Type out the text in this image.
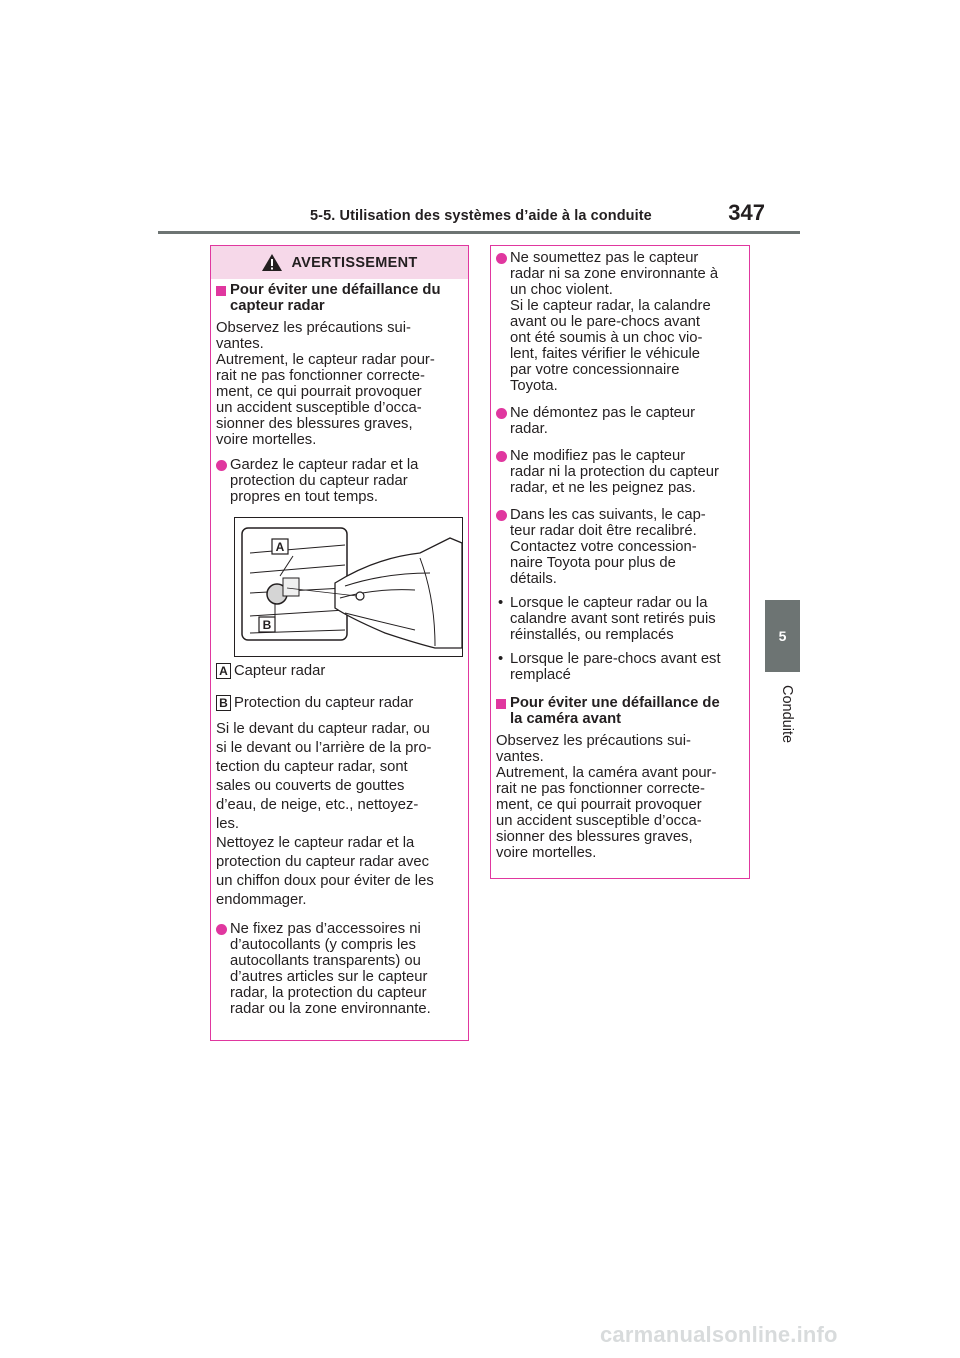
5-5. Utilisation des systèmes d’aide à la conduite	347
5
Conduite
AVERTISSEMENT
Pour éviter une défaillance du capteur radar

Observez les précautions sui-
vantes.
Autrement, le capteur radar pour-
rait ne pas fonctionner correcte-
ment, ce qui pourrait provoquer
un accident susceptible d’occa-
sionner des blessures graves,
voire mortelles.

Gardez le capteur radar et la
protection du capteur radar
propres en tout temps.
A
B
A Capteur radar
B Protection du capteur radar

Si le devant du capteur radar, ou
si le devant ou l’arrière de la pro-
tection du capteur radar, sont
sales ou couverts de gouttes
d’eau, de neige, etc., nettoyez-
les.
Nettoyez le capteur radar et la
protection du capteur radar avec
un chiffon doux pour éviter de les
endommager.

Ne fixez pas d’accessoires ni
d’autocollants (y compris les
autocollants transparents) ou
d’autres articles sur le capteur
radar, la protection du capteur
radar ou la zone environnante.
Ne soumettez pas le capteur
radar ni sa zone environnante à
un choc violent.
Si le capteur radar, la calandre
avant ou le pare-chocs avant
ont été soumis à un choc vio-
lent, faites vérifier le véhicule
par votre concessionnaire
Toyota.
Ne démontez pas le capteur
radar.
Ne modifiez pas le capteur
radar ni la protection du capteur
radar, et ne les peignez pas.
Dans les cas suivants, le cap-
teur radar doit être recalibré.
Contactez votre concession-
naire Toyota pour plus de
détails.
• Lorsque le capteur radar ou la
calandre avant sont retirés puis
réinstallés, ou remplacés
• Lorsque le pare-chocs avant est
remplacé
Pour éviter une défaillance de
la caméra avant

Observez les précautions sui-
vantes.
Autrement, la caméra avant pour-
rait ne pas fonctionner correcte-
ment, ce qui pourrait provoquer
un accident susceptible d’occa-
sionner des blessures graves,
voire mortelles.

carmanualsonline.info
